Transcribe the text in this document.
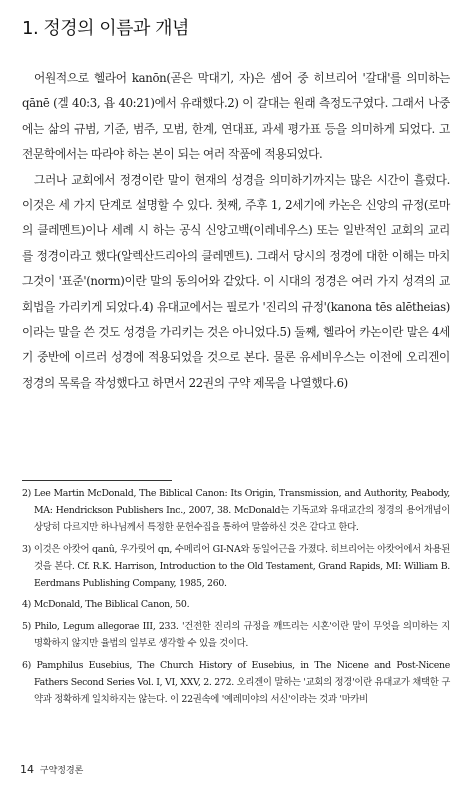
1. 정경의 이름과 개념

어원적으로 헬라어 kanōn(곧은 막대기, 자)은 셈어 중 히브리어 '갈대'를 의미하는 qānē (겔 40:3, 욥 40:21)에서 유래했다.2) 이 갈대는 원래 측정도구였다. 그래서 나중에는 삶의 규범, 기준, 범주, 모범, 한계, 연대표, 과세 평가표 등을 의미하게 되었다. 고전문학에서는 따라야 하는 본이 되는 여러 작품에 적용되었다.

그러나 교회에서 정경이란 말이 현재의 성경을 의미하기까지는 많은 시간이 흘렀다. 이것은 세 가지 단계로 설명할 수 있다. 첫째, 주후 1, 2세기에 카논은 신앙의 규정(로마의 클레멘트)이나 세례 시 하는 공식 신앙고백(이레네우스) 또는 일반적인 교회의 교리를 정경이라고 했다(알렉산드리아의 클레멘트). 그래서 당시의 정경에 대한 이해는 마치 그것이 '표준'(norm)이란 말의 동의어와 같았다. 이 시대의 정경은 여러 가지 성격의 교회법을 가리키게 되었다.4) 유대교에서는 필로가 '진리의 규정'(kanona tēs alētheias)이라는 말을 쓴 것도 성경을 가리키는 것은 아니었다.5) 둘째, 헬라어 카논이란 말은 4세기 중반에 이르러 성경에 적용되었을 것으로 본다. 물론 유세비우스는 이전에 오리겐이 정경의 목록을 작성했다고 하면서 22권의 구약 제목을 나열했다.6)

2) Lee Martin McDonald, The Biblical Canon: Its Origin, Transmission, and Authority, Peabody, MA: Hendrickson Publishers Inc., 2007, 38. McDonald는 기독교와 유대교간의 정경의 용어개념이 상당히 다르지만 하나님께서 특정한 문헌수집을 통하여 말씀하신 것은 같다고 한다.
3) 이것은 아캇어 qanû, 우가릿어 qn, 수메리어 GI-NA와 동일어근을 가졌다. 히브리어는 아캇어에서 차용된 것을 본다. Cf. R.K. Harrison, Introduction to the Old Testament, Grand Rapids, MI: William B. Eerdmans Publishing Company, 1985, 260.
4) McDonald, The Biblical Canon, 50.
5) Philo, Legum allegorae III, 233. '건전한 진리의 규정을 깨뜨리는 시혼'이란 말이 무엇을 의미하는 지 명확하지 않지만 율법의 일부로 생각할 수 있을 것이다.
6) Pamphilus Eusebius, The Church History of Eusebius, in The Nicene and Post-Nicene Fathers Second Series Vol. I, VI, XXV, 2. 272. 오리겐이 말하는 '교회의 정경'이란 유대교가 채택한 구약과 정확하게 일치하지는 않는다. 이 22권속에 '예레미야의 서신'이라는 것과 '마카비
14 구약정경론
